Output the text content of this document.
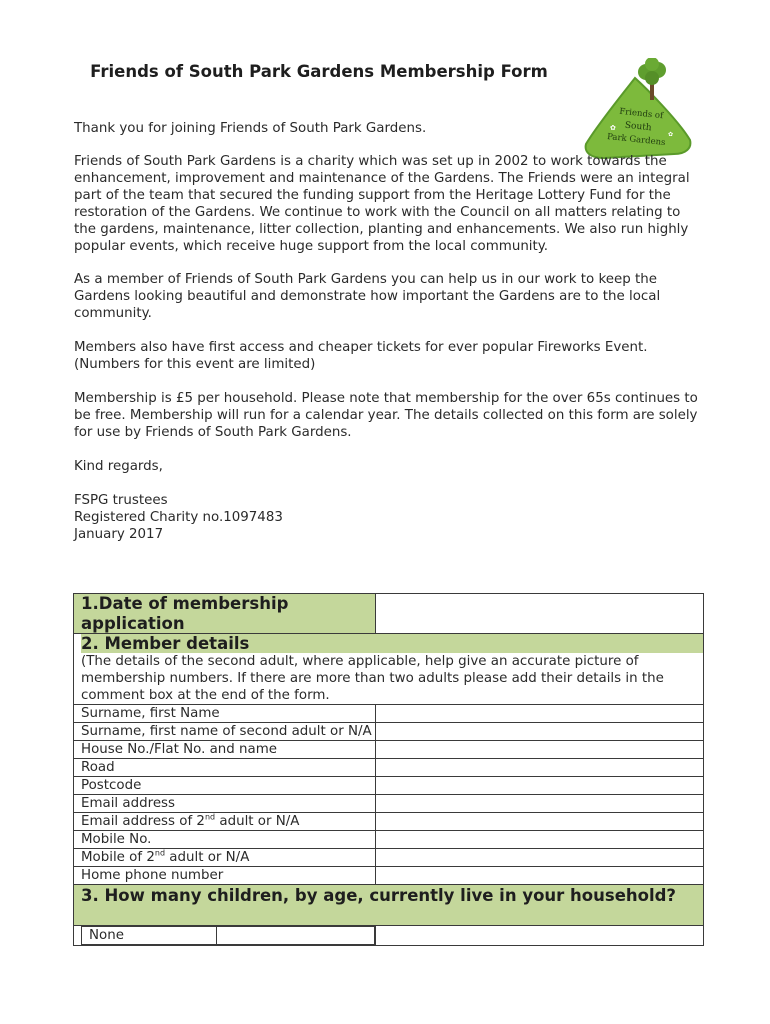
Friends of South Park Gardens Membership Form
Friends of
South
Park Gardens
✿
✿

Thank you for joining Friends of South Park Gardens.

Friends of South Park Gardens is a charity which was set up in 2002 to work towards the enhancement, improvement and maintenance of the Gardens. The Friends were an integral part of the team that secured the funding support from the Heritage Lottery Fund for the restoration of the Gardens. We continue to work with the Council on all matters relating to the gardens, maintenance, litter collection, planting and enhancements. We also run highly popular events, which receive huge support from the local community.

As a member of Friends of South Park Gardens you can help us in our work to keep the Gardens looking beautiful and demonstrate how important the Gardens are to the local community.

Members also have first access and cheaper tickets for ever popular Fireworks Event. (Numbers for this event are limited)

Membership is £5 per household. Please note that membership for the over 65s continues to be free. Membership will run for a calendar year. The details collected on this form are solely for use by Friends of South Park Gardens.

Kind regards,

FSPG trustees

Registered Charity no.1097483

January 2017

1.Date of membership application	

2. Member details
(The details of the second adult, where applicable, help give an accurate picture of membership numbers. If there are more than two adults please add their details in the comment box at the end of the form.

Surname, first Name	
Surname, first name of second adult or N/A	
House No./Flat No. and name	
Road	
Postcode	
Email address	
Email address of 2nd adult or N/A	
Mobile No.	
Mobile of 2nd adult or N/A	
Home phone number	
3. How many children, by age, currently live in your household?

None	
